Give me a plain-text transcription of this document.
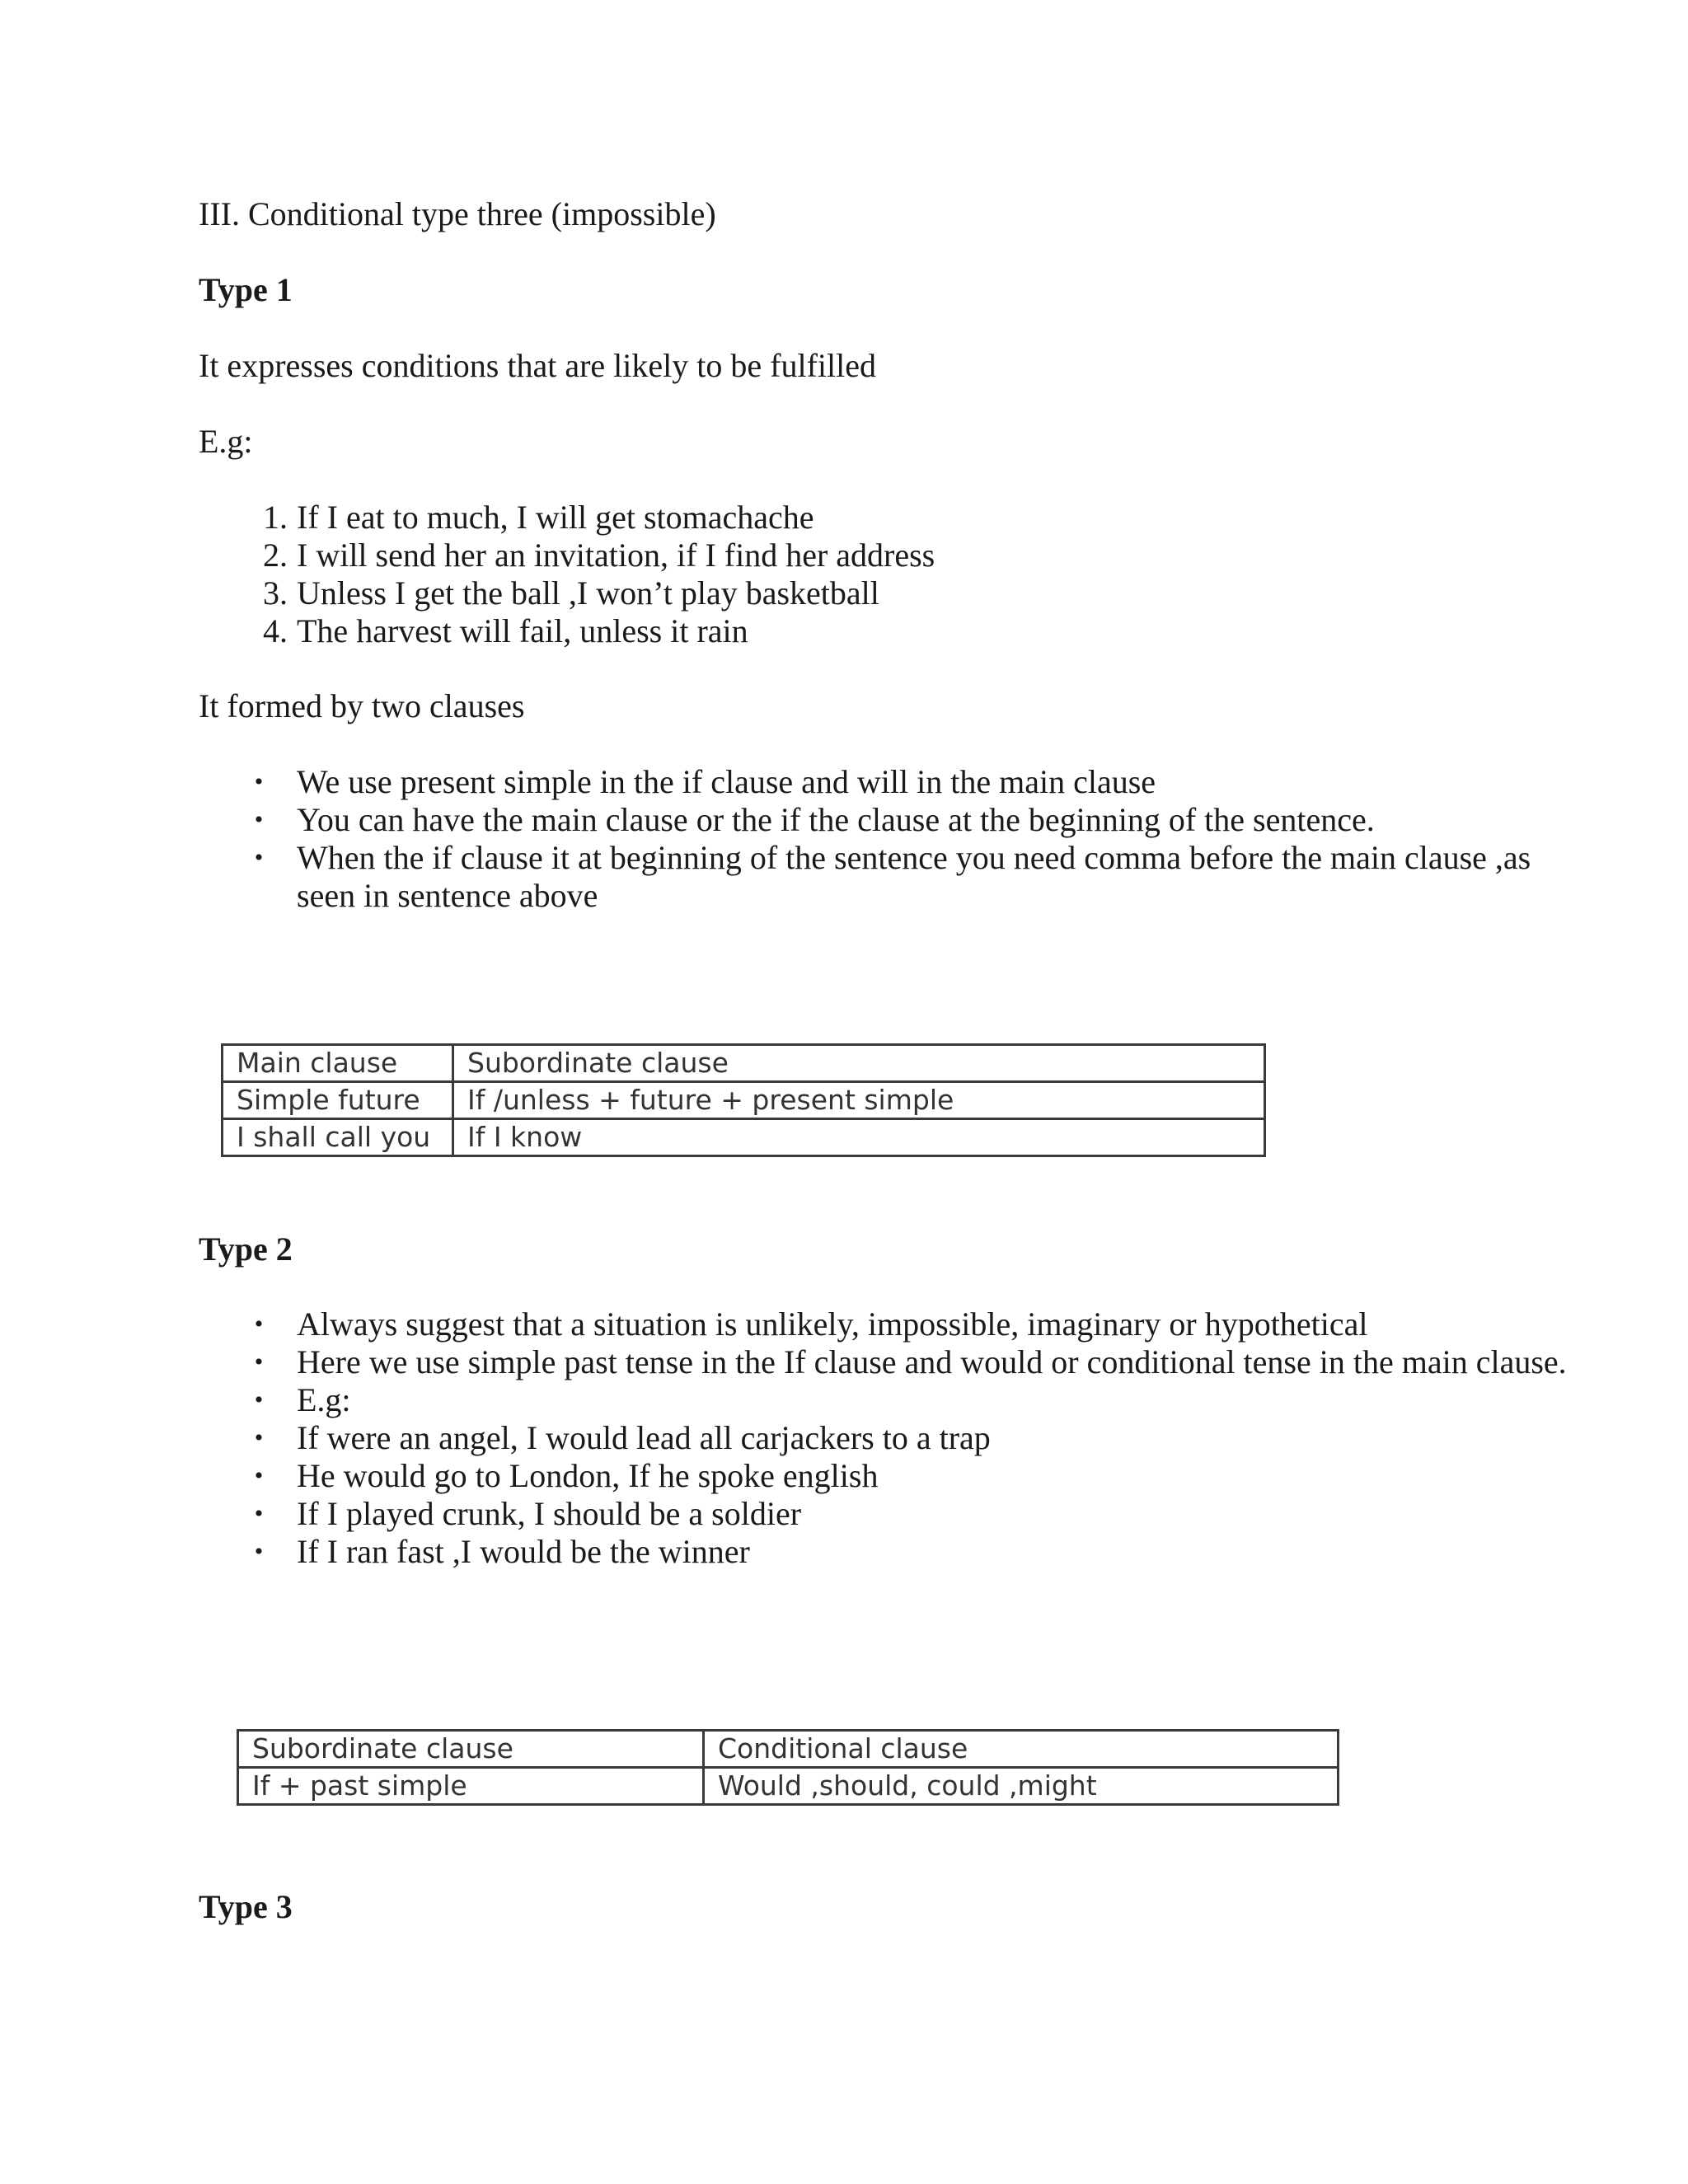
III. Conditional type three (impossible)
Type 1
It expresses conditions that are likely to be fulfilled
E.g:
1. If I eat to much, I will get stomachache
2. I will send her an invitation, if I find her address
3. Unless I get the ball ,I won’t play basketball
4. The harvest will fail, unless it rain
It formed by two clauses
• We use present simple in the if clause and will in the main clause
• You can have the main clause or the if the clause at the beginning of the sentence.
• When the if clause it at beginning of the sentence you need comma before the main clause ,as seen in sentence above
Main clause	Subordinate clause
Simple future	If /unless + future + present simple
I shall call you	If I know
Type 2
• Always suggest that a situation is unlikely, impossible, imaginary or hypothetical
• Here we use simple past tense in the If clause and would or conditional tense in the main clause.
• E.g:
• If were an angel, I would lead all carjackers to a trap
• He would go to London, If he spoke english
• If I played crunk, I should be a soldier
• If I ran fast ,I would be the winner
Subordinate clause	Conditional clause
If + past simple	Would ,should, could ,might
Type 3
